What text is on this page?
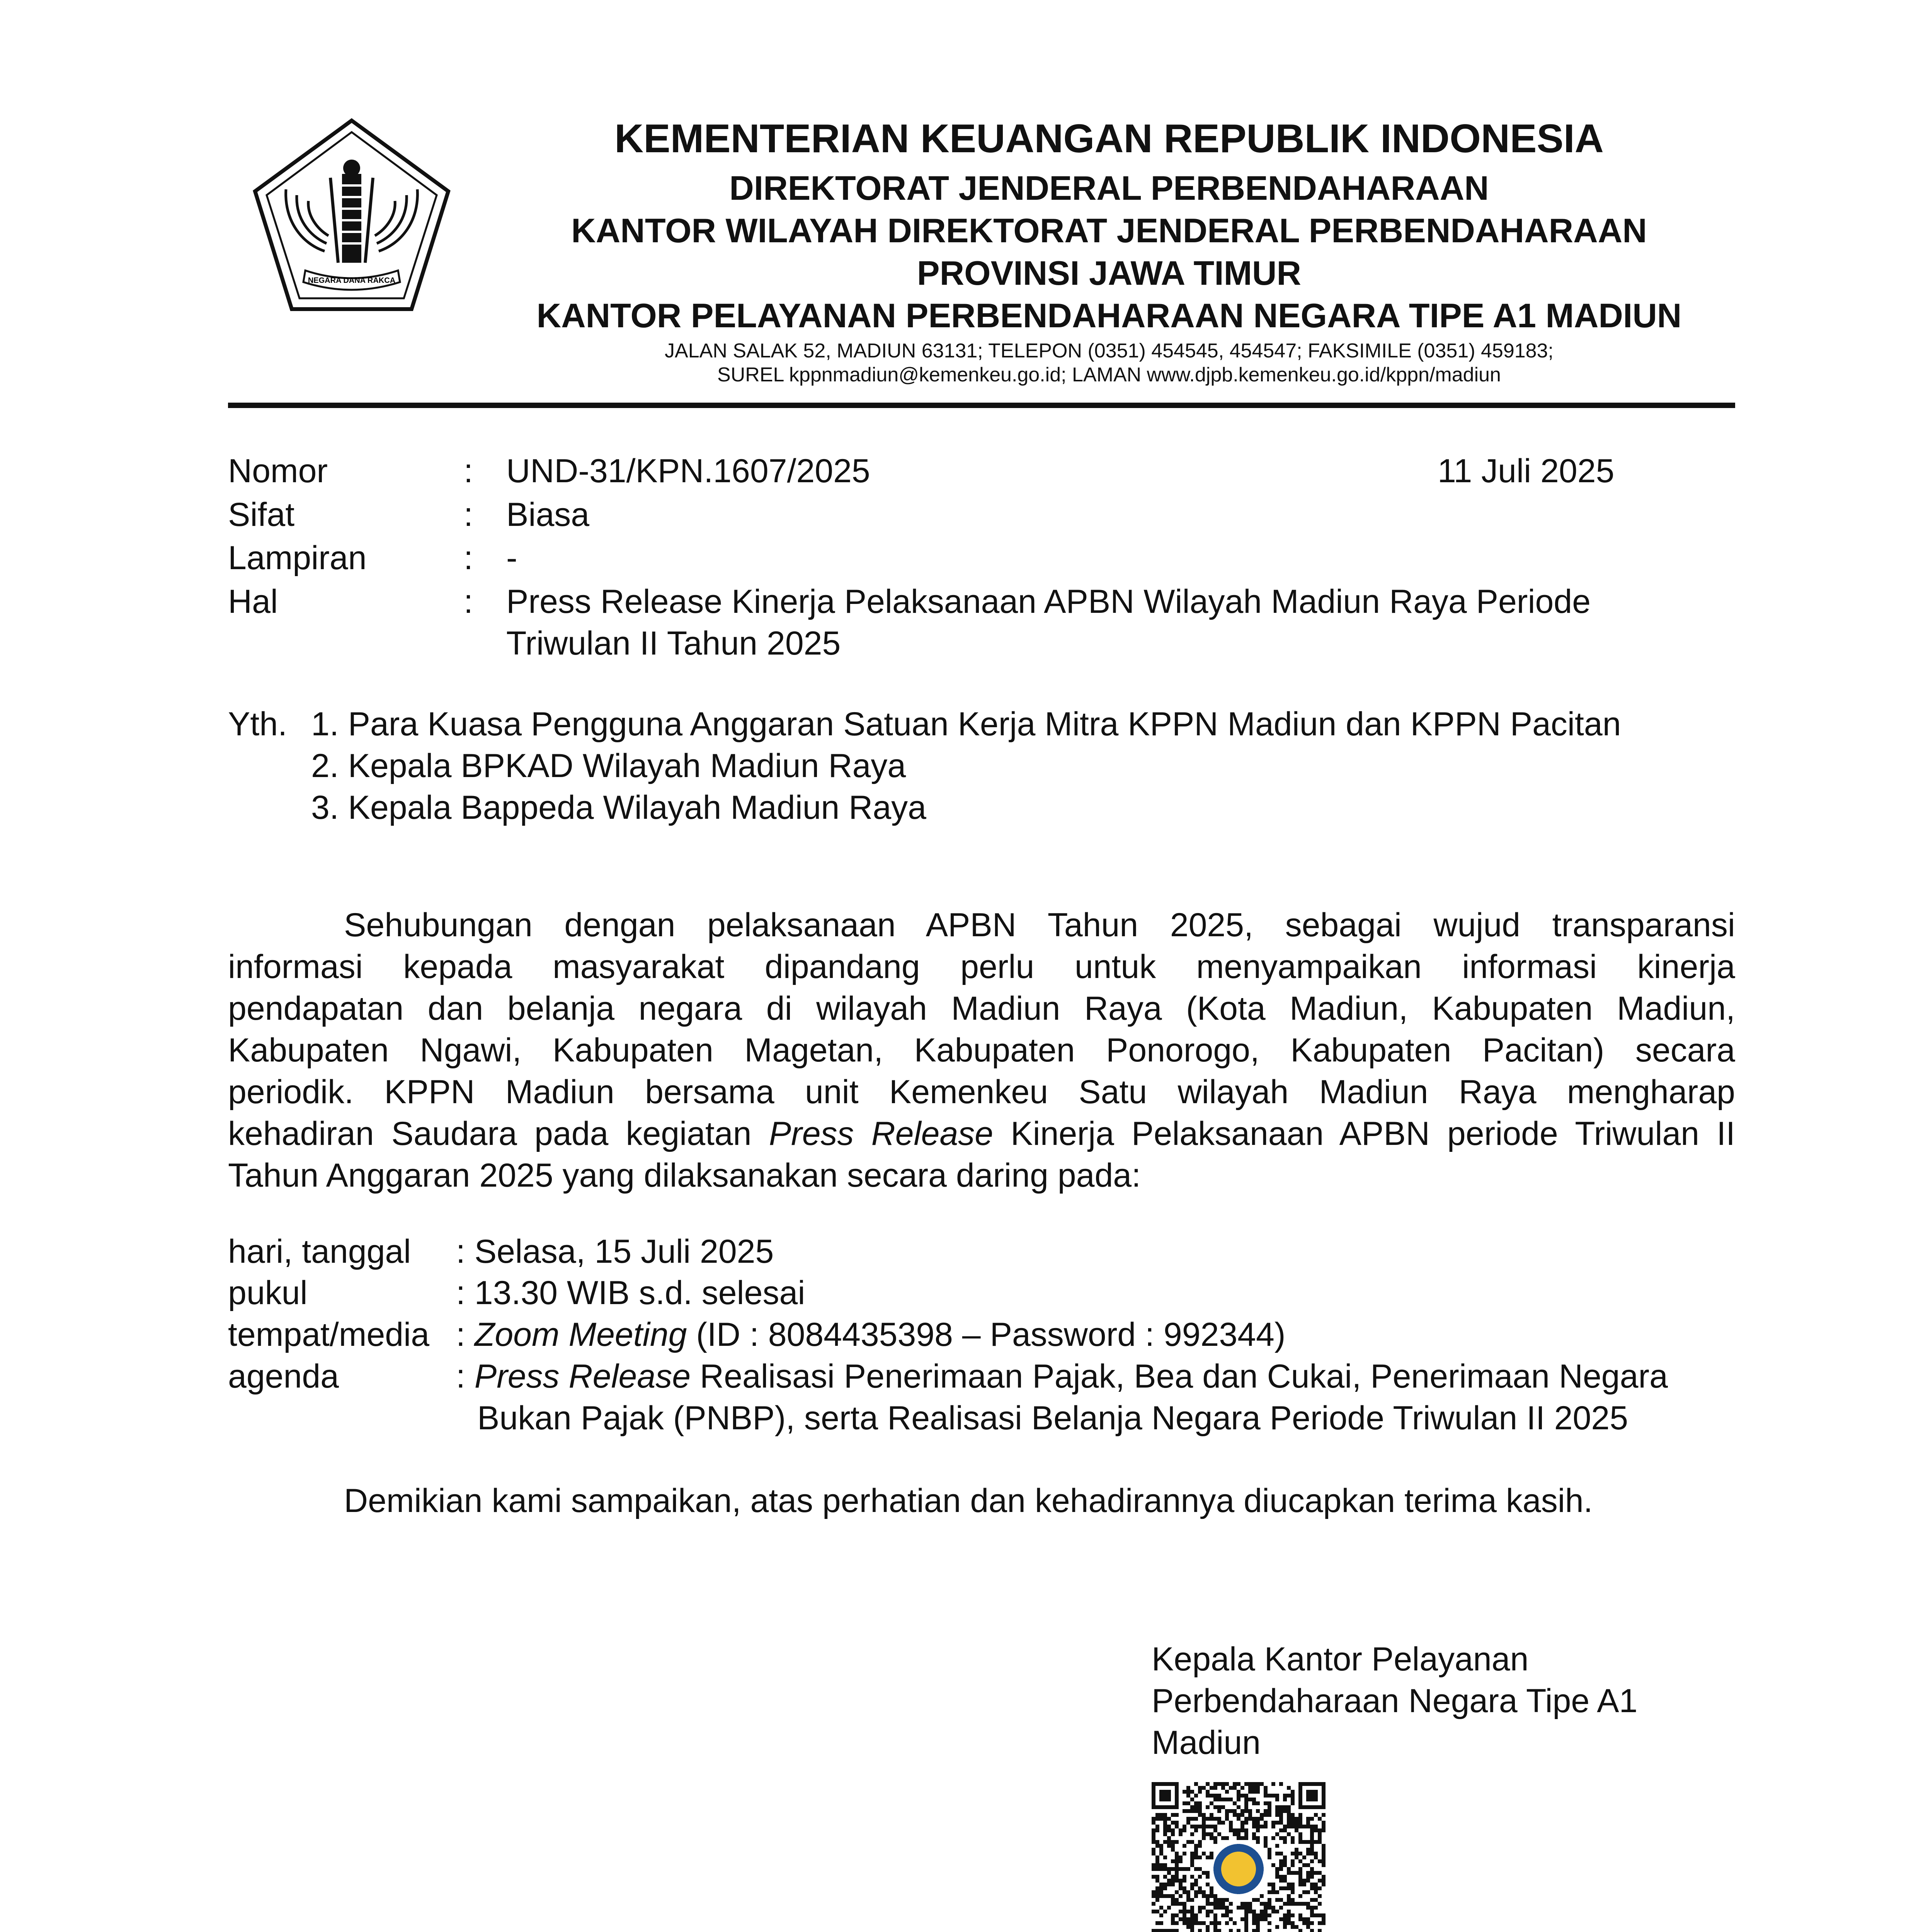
NEGARA DANA RAKCA
KEMENTERIAN KEUANGAN REPUBLIK INDONESIA
DIREKTORAT JENDERAL PERBENDAHARAAN
KANTOR WILAYAH DIREKTORAT JENDERAL PERBENDAHARAAN
PROVINSI JAWA TIMUR
KANTOR PELAYANAN PERBENDAHARAAN NEGARA TIPE A1 MADIUN
JALAN SALAK 52, MADIUN 63131; TELEPON (0351) 454545, 454547; FAKSIMILE (0351) 459183;
SUREL kppnmadiun@kemenkeu.go.id; LAMAN www.djpb.kemenkeu.go.id/kppn/madiun
Nomor	: UND-31/KPN.1607/2025	11 Juli 2025
Sifat	: Biasa
Lampiran	: -
Hal	: Press Release Kinerja Pelaksanaan APBN Wilayah Madiun Raya Periode
Triwulan II Tahun 2025
Yth. 1. Para Kuasa Pengguna Anggaran Satuan Kerja Mitra KPPN Madiun dan KPPN Pacitan
2. Kepala BPKAD Wilayah Madiun Raya
3. Kepala Bappeda Wilayah Madiun Raya
Sehubungan dengan pelaksanaan APBN Tahun 2025, sebagai wujud transparansi
informasi kepada masyarakat dipandang perlu untuk menyampaikan informasi kinerja
pendapatan dan belanja negara di wilayah Madiun Raya (Kota Madiun, Kabupaten Madiun,
Kabupaten Ngawi, Kabupaten Magetan, Kabupaten Ponorogo, Kabupaten Pacitan) secara
periodik. KPPN Madiun bersama unit Kemenkeu Satu wilayah Madiun Raya mengharap
kehadiran Saudara pada kegiatan Press Release Kinerja Pelaksanaan APBN periode Triwulan II
Tahun Anggaran 2025 yang dilaksanakan secara daring pada:
hari, tanggal : Selasa, 15 Juli 2025
pukul	: 13.30 WIB s.d. selesai
tempat/media : Zoom Meeting (ID : 8084435398 – Password : 992344)
agenda	: Press Release Realisasi Penerimaan Pajak, Bea dan Cukai, Penerimaan Negara
Bukan Pajak (PNBP), serta Realisasi Belanja Negara Periode Triwulan II 2025
Demikian kami sampaikan, atas perhatian dan kehadirannya diucapkan terima kasih.
Kepala Kantor Pelayanan
Perbendaharaan Negara Tipe A1
Madiun
